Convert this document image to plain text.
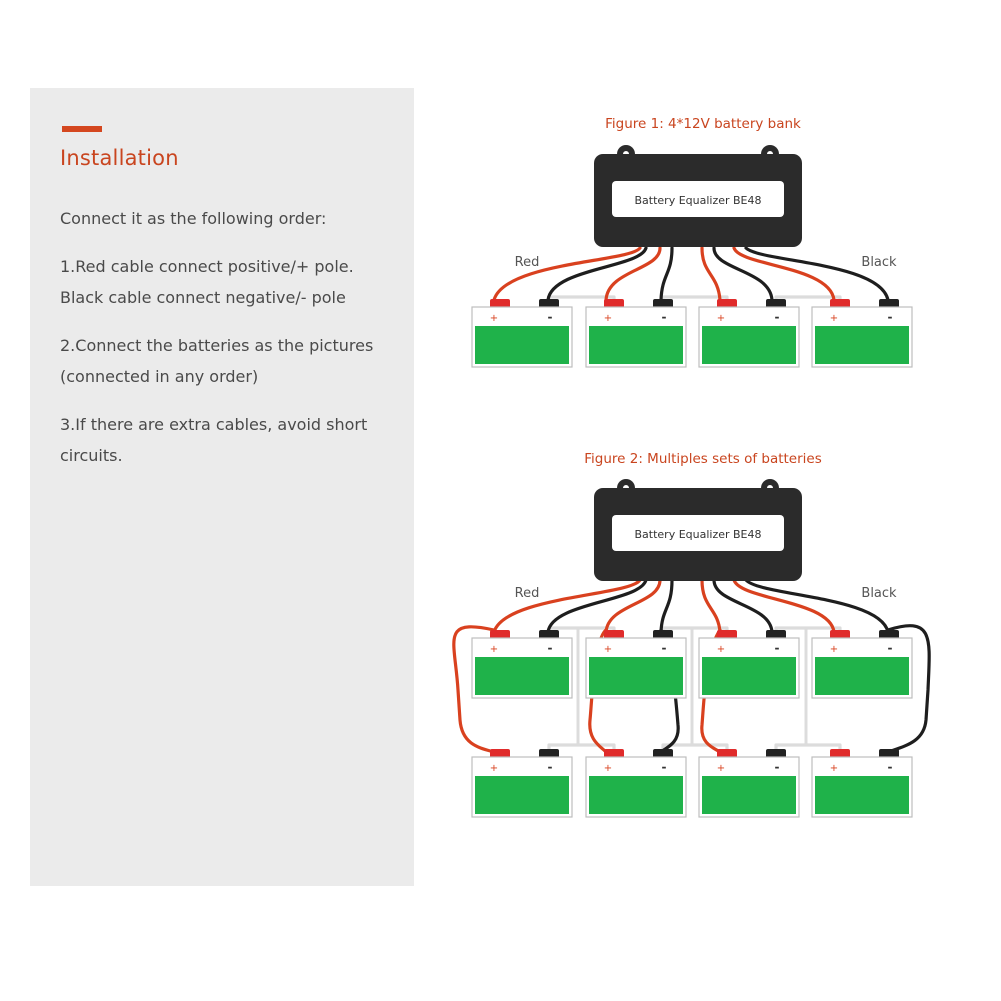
Installation
Connect it as the following order:
1.Red cable connect positive/+ pole.
Black cable connect negative/- pole
2.Connect the batteries as the pictures
(connected in any order)
3.If there are extra cables, avoid short
circuits.
Figure 1: 4*12V battery bank
Battery Equalizer BE48
Red	Black
+	-	+	-	+	-	+	-
Figure 2: Multiples sets of batteries
Battery Equalizer BE48
Red	Black
+	-	+	-	+	-	+	-
+	-	+	-	+	-	+	-
